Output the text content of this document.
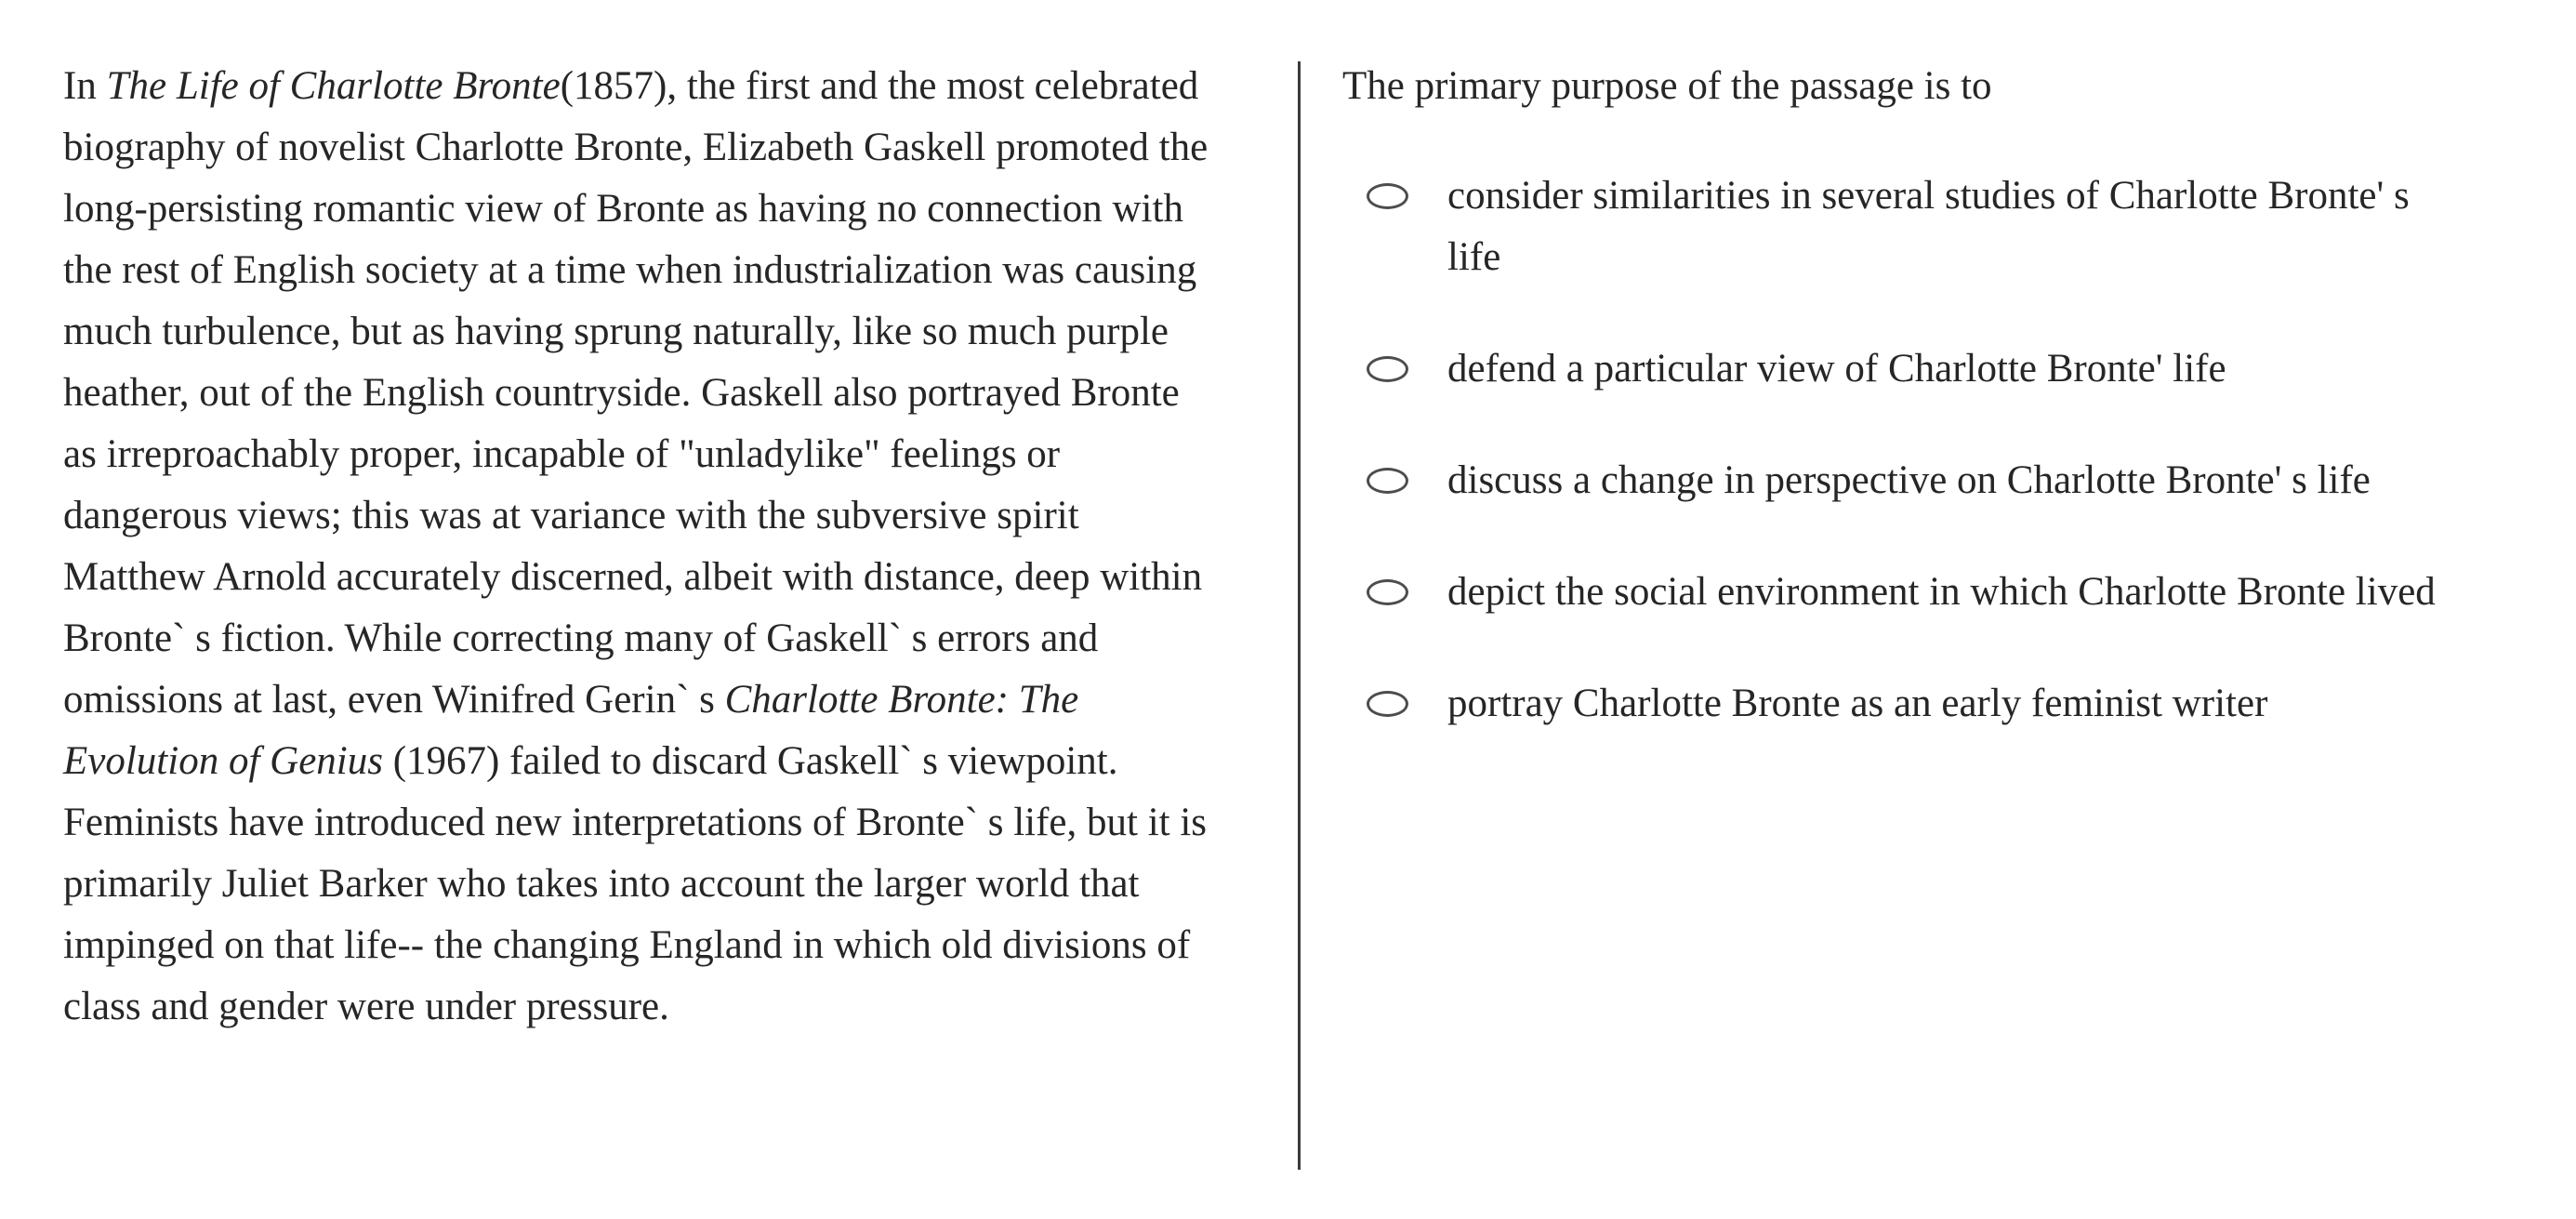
In The Life of Charlotte Bronte(1857), the first and the most celebrated biography of novelist Charlotte Bronte, Elizabeth Gaskell promoted the long-persisting romantic view of Bronte as having no connection with the rest of English society at a time when industrialization was causing much turbulence, but as having sprung naturally, like so much purple heather, out of the English countryside. Gaskell also portrayed Bronte as irreproachably proper, incapable of "unladylike" feelings or dangerous views; this was at variance with the subversive spirit Matthew Arnold accurately discerned, albeit with distance, deep within Bronte` s fiction. While correcting many of Gaskell` s errors and omissions at last, even Winifred Gerin` s Charlotte Bronte: The Evolution of Genius (1967) failed to discard Gaskell` s viewpoint. Feminists have introduced new interpretations of Bronte` s life, but it is primarily Juliet Barker who takes into account the larger world that impinged on that life-- the changing England in which old divisions of class and gender were under pressure.

The primary purpose of the passage is to

consider similarities in several studies of Charlotte Bronte' s life
defend a particular view of Charlotte Bronte' life
discuss a change in perspective on Charlotte Bronte' s life
depict the social environment in which Charlotte Bronte lived
portray Charlotte Bronte as an early feminist writer
